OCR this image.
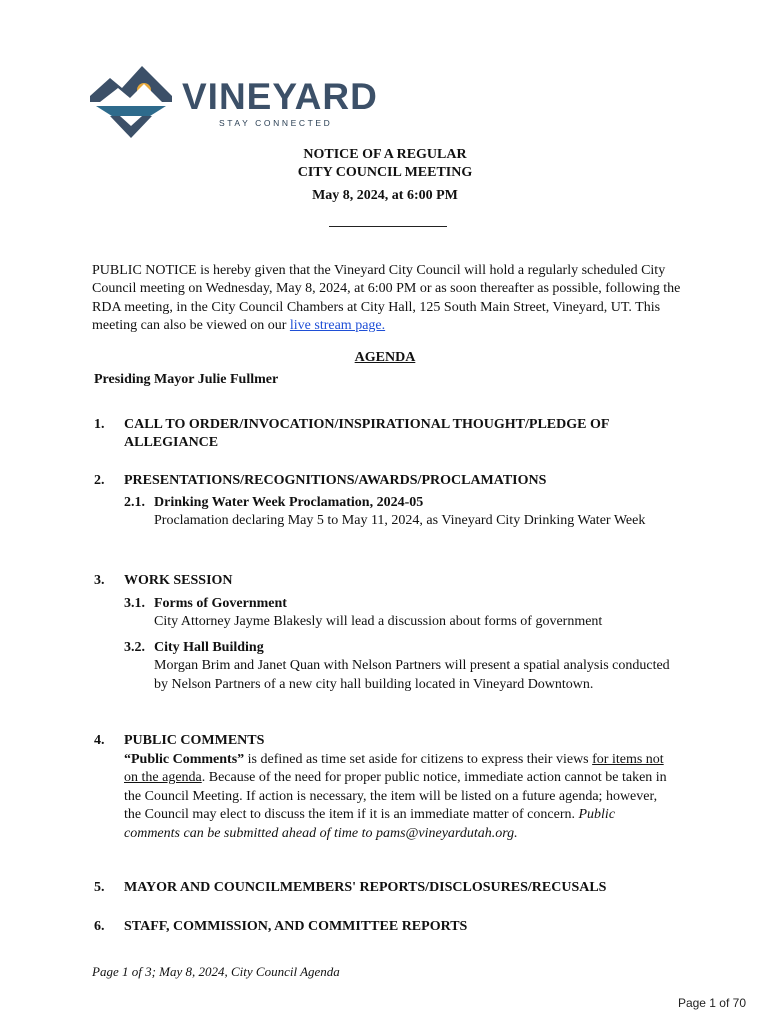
VINEYARD
STAY CONNECTED
NOTICE OF A REGULAR
CITY COUNCIL MEETING
May 8, 2024, at 6:00 PM
PUBLIC NOTICE is hereby given that the Vineyard City Council will hold a regularly scheduled City Council meeting on Wednesday, May 8, 2024, at 6:00 PM or as soon thereafter as possible, following the RDA meeting, in the City Council Chambers at City Hall, 125 South Main Street, Vineyard, UT. This meeting can also be viewed on our live stream page.
AGENDA
Presiding Mayor Julie Fullmer
1. CALL TO ORDER/INVOCATION/INSPIRATIONAL THOUGHT/PLEDGE OF ALLEGIANCE
2. PRESENTATIONS/RECOGNITIONS/AWARDS/PROCLAMATIONS
2.1. Drinking Water Week Proclamation, 2024-05
Proclamation declaring May 5 to May 11, 2024, as Vineyard City Drinking Water Week
3. WORK SESSION
3.1. Forms of Government
City Attorney Jayme Blakesly will lead a discussion about forms of government
3.2. City Hall Building
Morgan Brim and Janet Quan with Nelson Partners will present a spatial analysis conducted by Nelson Partners of a new city hall building located in Vineyard Downtown.
4. PUBLIC COMMENTS
“Public Comments” is defined as time set aside for citizens to express their views for items not on the agenda. Because of the need for proper public notice, immediate action cannot be taken in the Council Meeting. If action is necessary, the item will be listed on a future agenda; however, the Council may elect to discuss the item if it is an immediate matter of concern. Public comments can be submitted ahead of time to pams@vineyardutah.org.
5. MAYOR AND COUNCILMEMBERS' REPORTS/DISCLOSURES/RECUSALS
6. STAFF, COMMISSION, AND COMMITTEE REPORTS
Page 1 of 3; May 8, 2024, City Council Agenda
Page 1 of 70
